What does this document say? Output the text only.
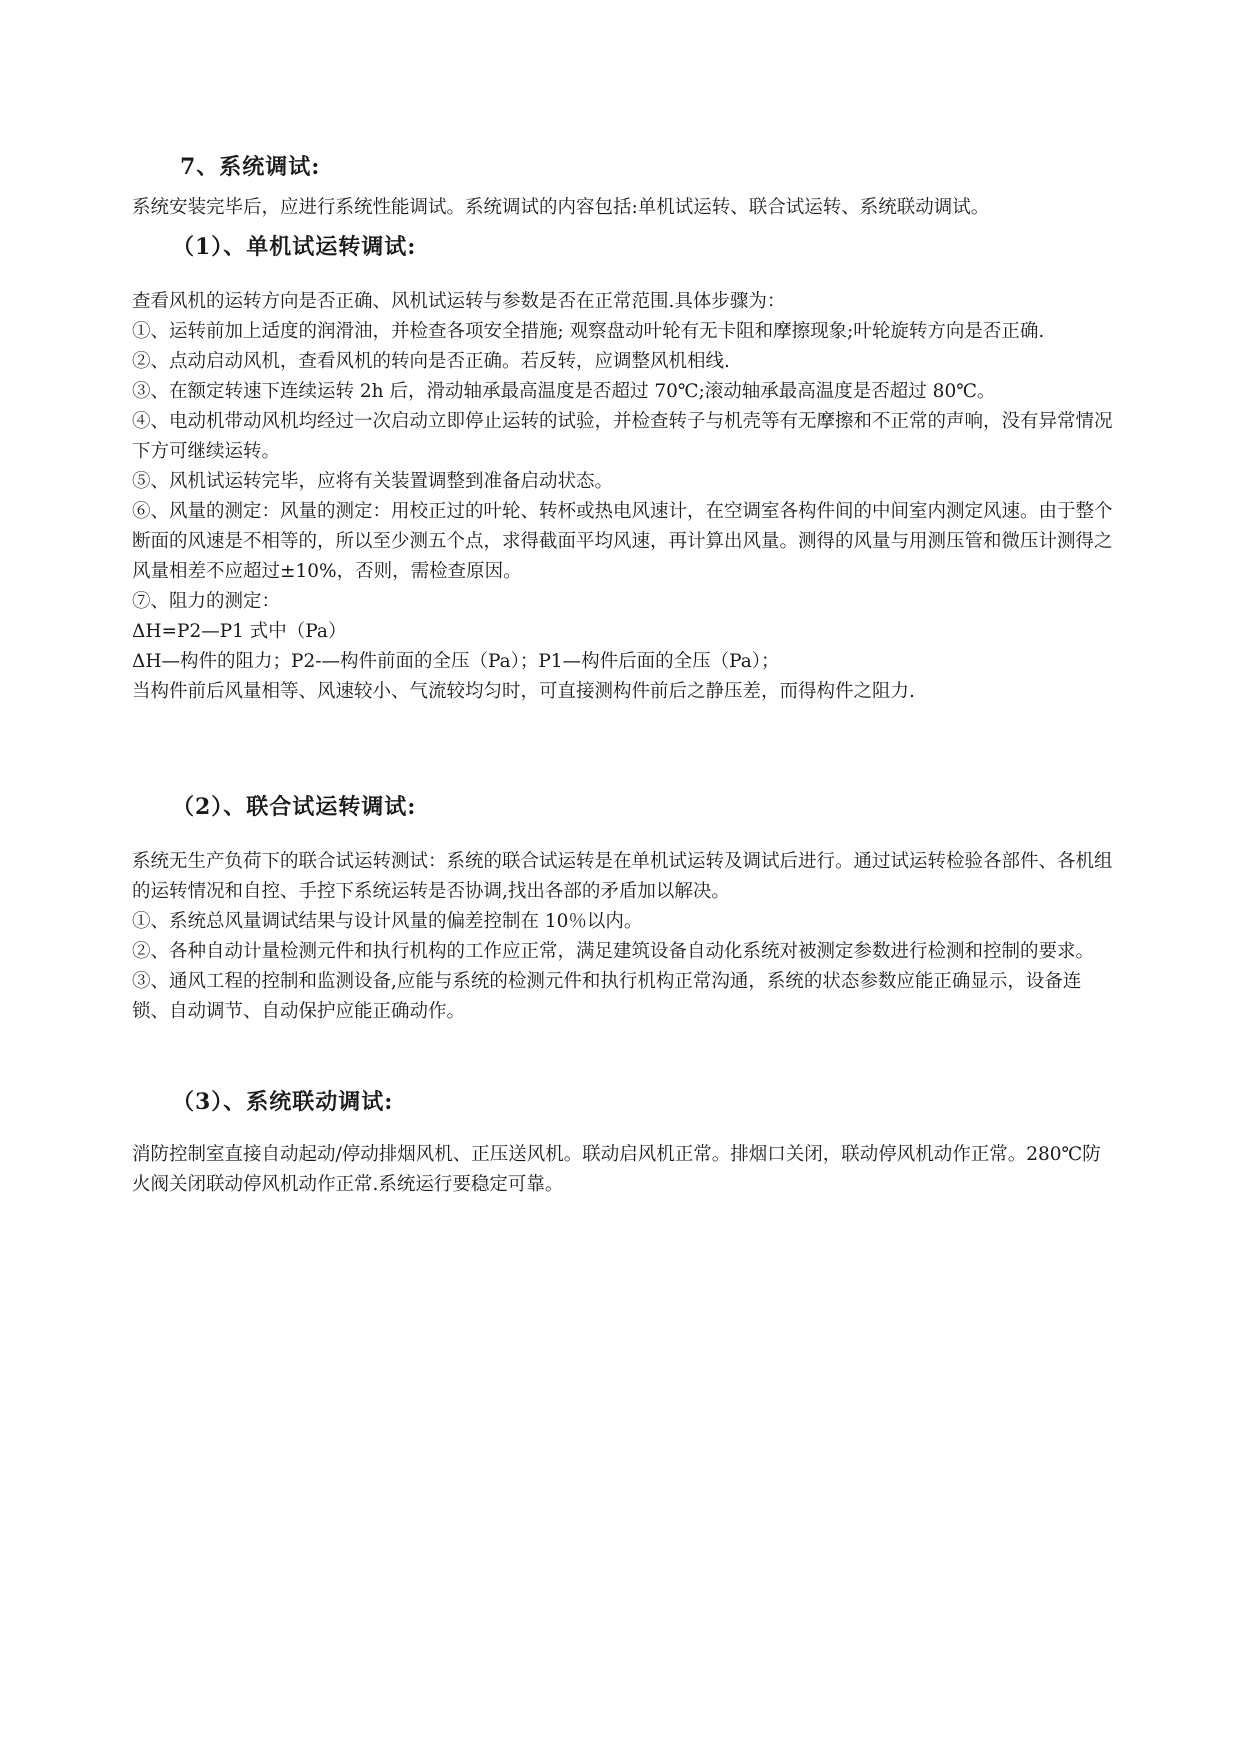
7、系统调试:

系统安装完毕后，应进行系统性能调试。系统调试的内容包括:单机试运转、联合试运转、系统联动调试。

（1）、单机试运转调试:

查看风机的运转方向是否正确、风机试运转与参数是否在正常范围.具体步骤为：

①、运转前加上适度的润滑油，并检查各项安全措施; 观察盘动叶轮有无卡阻和摩擦现象;叶轮旋转方向是否正确.

②、点动启动风机，查看风机的转向是否正确。若反转，应调整风机相线.

③、在额定转速下连续运转 2h 后，滑动轴承最高温度是否超过 70℃;滚动轴承最高温度是否超过 80℃。

④、电动机带动风机均经过一次启动立即停止运转的试验，并检查转子与机壳等有无摩擦和不正常的声响，没有异常情况下方可继续运转。

⑤、风机试运转完毕，应将有关装置调整到准备启动状态。

⑥、风量的测定：风量的测定：用校正过的叶轮、转杯或热电风速计，在空调室各构件间的中间室内测定风速。由于整个断面的风速是不相等的，所以至少测五个点，求得截面平均风速，再计算出风量。测得的风量与用测压管和微压计测得之风量相差不应超过±10%，否则，需检查原因。

⑦、阻力的测定：

ΔH=P2—P1 式中（Pa）

ΔH—构件的阻力；P2-—构件前面的全压（Pa）；P1—构件后面的全压（Pa）；

当构件前后风量相等、风速较小、气流较均匀时，可直接测构件前后之静压差，而得构件之阻力.

（2）、联合试运转调试:

系统无生产负荷下的联合试运转测试：系统的联合试运转是在单机试运转及调试后进行。通过试运转检验各部件、各机组的运转情况和自控、手控下系统运转是否协调,找出各部的矛盾加以解决。

①、系统总风量调试结果与设计风量的偏差控制在 10％以内。

②、各种自动计量检测元件和执行机构的工作应正常，满足建筑设备自动化系统对被测定参数进行检测和控制的要求。

③、通风工程的控制和监测设备,应能与系统的检测元件和执行机构正常沟通，系统的状态参数应能正确显示，设备连锁、自动调节、自动保护应能正确动作。

（3）、系统联动调试:

消防控制室直接自动起动/停动排烟风机、正压送风机。联动启风机正常。排烟口关闭，联动停风机动作正常。280℃防火阀关闭联动停风机动作正常.系统运行要稳定可靠。
